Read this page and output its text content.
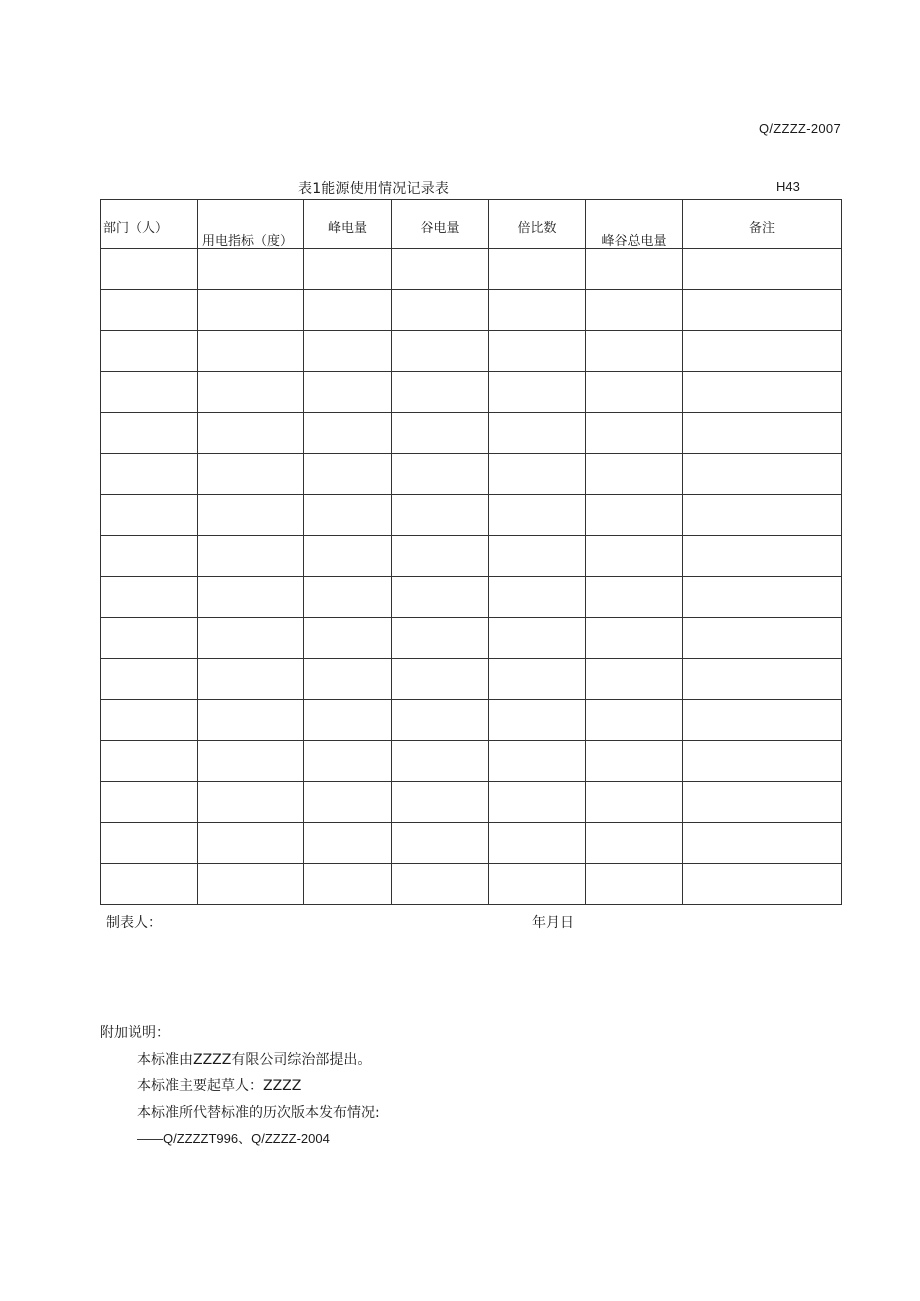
Q/ZZZZ-2007
表1能源使用情况记录表	H43
部门（人）	用电指标（度）	峰电量	谷电量	倍比数	峰谷总电量	备注

制表人：	年月日
附加说明：
本标准由ZZZZ有限公司综治部提出。
本标准主要起草人：ZZZZ
本标准所代替标准的历次版本发布情况:
——Q/ZZZZT996、Q/ZZZZ-2004
